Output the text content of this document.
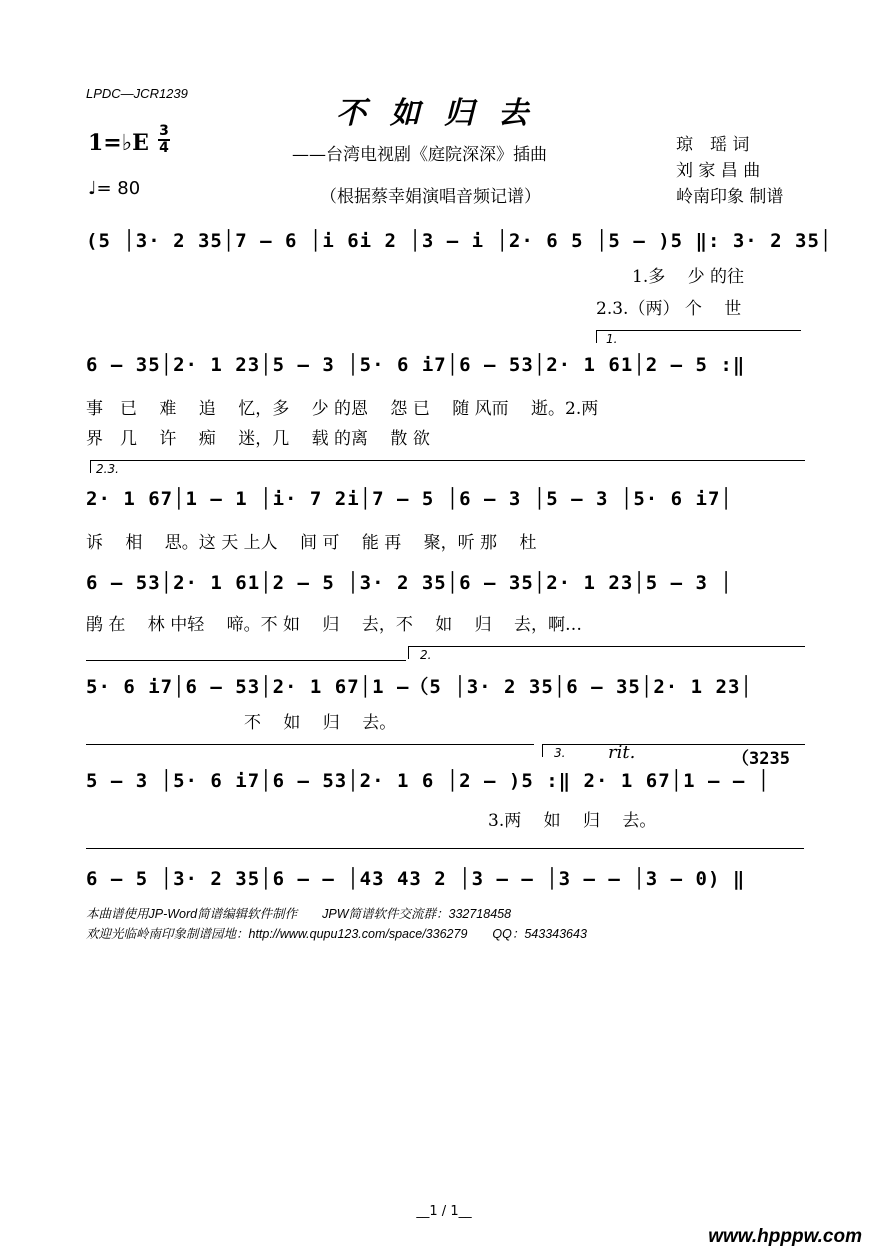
LPDC—JCR1239
不如归去
——台湾电视剧《庭院深深》插曲
（根据蔡幸娟演唱音频记谱）
琼　瑶 词
刘 家 昌 曲
岭南印象 制谱
1=♭E 3
4
♩= 80
(5 │3· 2 35│7 – 6 │i 6i 2 │3 – i │2· 6 5 │5 – )5 ‖: 3· 2 35│
1.多　 少 的往
2.3.（两） 个　 世
1.
6 – 35│2· 1 23│5 – 3 │5· 6 i7│6 – 53│2· 1 61│2 – 5 :‖
事　已　 难　 追　 忆，多　 少 的恩　 怨 已　 随 风而　 逝。2.两
界　几　 许　 痴　 迷，几　 载 的离　 散 欲
2.3.
2· 1 67│1 – 1 │i· 7 2i│7 – 5 │6 – 3 │5 – 3 │5· 6 i7│
诉　 相　 思。这 天 上人　 间 可　 能 再　 聚，听 那　 杜
6 – 53│2· 1 61│2 – 5 │3· 2 35│6 – 35│2· 1 23│5 – 3 │
鹃 在　 林 中轻　 啼。不 如　 归　 去，不　 如 　归　 去，啊…
2.
5· 6 i7│6 – 53│2· 1 67│1 –（5 │3· 2 35│6 – 35│2· 1 23│
不　 如　 归　 去。
3. rit.	（3235
5 – 3 │5· 6 i7│6 – 53│2· 1 6 │2 – )5 :‖ 2· 1 67│1 – – │
3.两　 如　 归　 去。
6 – 5 │3· 2 35│6 – – │43 43 2 │3 – – │3 – – │3 – 0) ‖
本曲谱使用JP-Word简谱编辑软件制作　　JPW简谱软件交流群：332718458
欢迎光临岭南印象制谱园地：http://www.qupu123.com/space/336279　　QQ：543343643
__1 / 1__
www.hpppw.com
